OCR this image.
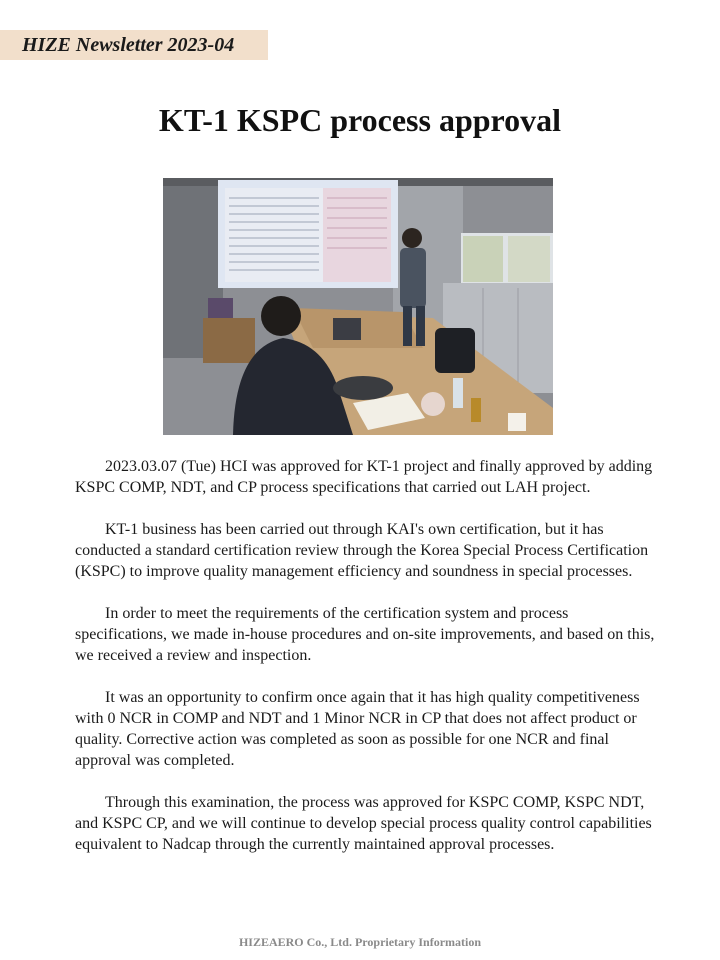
HIZE Newsletter 2023-04
KT-1 KSPC process approval

2023.03.07 (Tue) HCI was approved for KT-1 project and finally approved by adding KSPC COMP, NDT, and CP process specifications that carried out LAH project.

KT-1 business has been carried out through KAI's own certification, but it has conducted a standard certification review through the Korea Special Process Certification (KSPC) to improve quality management efficiency and soundness in special processes.

In order to meet the requirements of the certification system and process specifications, we made in-house procedures and on-site improvements, and based on this, we received a review and inspection.

It was an opportunity to confirm once again that it has high quality competitiveness with 0 NCR in COMP and NDT and 1 Minor NCR in CP that does not affect product or quality. Corrective action was completed as soon as possible for one NCR and final approval was completed.

Through this examination, the process was approved for KSPC COMP, KSPC NDT, and KSPC CP, and we will continue to develop special process quality control capabilities equivalent to Nadcap through the currently maintained approval processes.

HIZEAERO Co., Ltd. Proprietary Information
